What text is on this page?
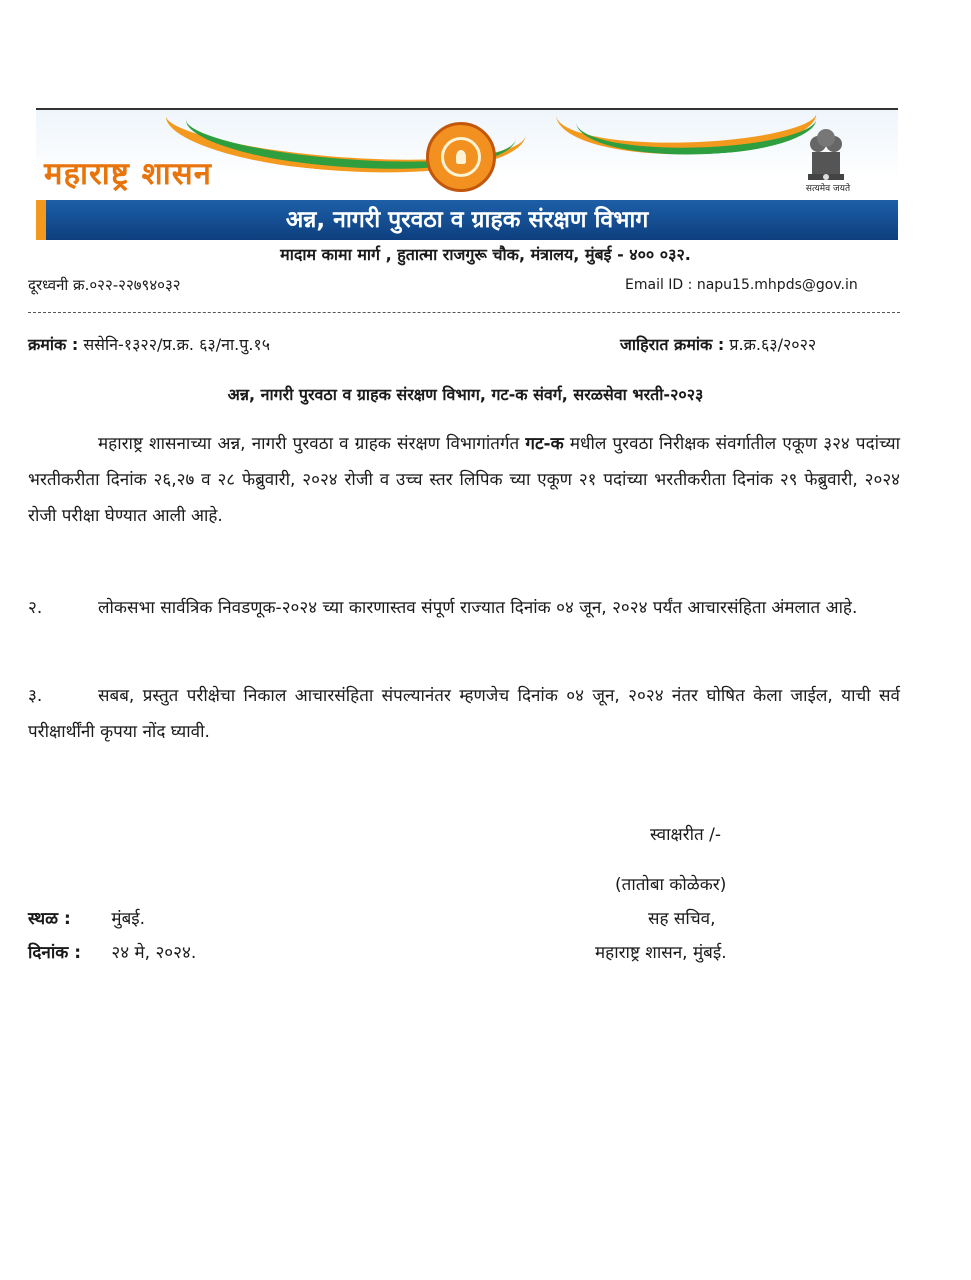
महाराष्ट्र शासन	सत्यमेव जयते
अन्न, नागरी पुरवठा व ग्राहक संरक्षण विभाग
मादाम कामा मार्ग , हुतात्मा राजगुरू चौक, मंत्रालय, मुंबई - ४०० ०३२.
दूरध्वनी क्र.०२२-२२७९४०३२	Email ID : napu15.mhpds@gov.in
क्रमांक : ससेनि-१३२२/प्र.क्र. ६३/ना.पु.१५	जाहिरात क्रमांक : प्र.क्र.६३/२०२२
अन्न, नागरी पुरवठा व ग्राहक संरक्षण विभाग, गट-क संवर्ग, सरळसेवा भरती-२०२३
महाराष्ट्र शासनाच्या अन्न, नागरी पुरवठा व ग्राहक संरक्षण विभागांतर्गत गट-क मधील पुरवठा निरीक्षक संवर्गातील एकूण ३२४ पदांच्या भरतीकरीता दिनांक २६,२७ व २८ फेब्रुवारी, २०२४ रोजी व उच्च स्तर लिपिक च्या एकूण २१ पदांच्या भरतीकरीता दिनांक २९ फेब्रुवारी, २०२४ रोजी परीक्षा घेण्यात आली आहे.
२.	लोकसभा सार्वत्रिक निवडणूक-२०२४ च्या कारणास्तव संपूर्ण राज्यात दिनांक ०४ जून, २०२४ पर्यंत आचारसंहिता अंमलात आहे.
३.	सबब, प्रस्तुत परीक्षेचा निकाल आचारसंहिता संपल्यानंतर म्हणजेच दिनांक ०४ जून, २०२४ नंतर घोषित केला जाईल, याची सर्व परीक्षार्थींनी कृपया नोंद घ्यावी.
स्वाक्षरीत /-
(तातोबा कोळेकर)
सह सचिव,
महाराष्ट्र शासन, मुंबई.
स्थळ : मुंबई.
दिनांक : २४ मे, २०२४.
